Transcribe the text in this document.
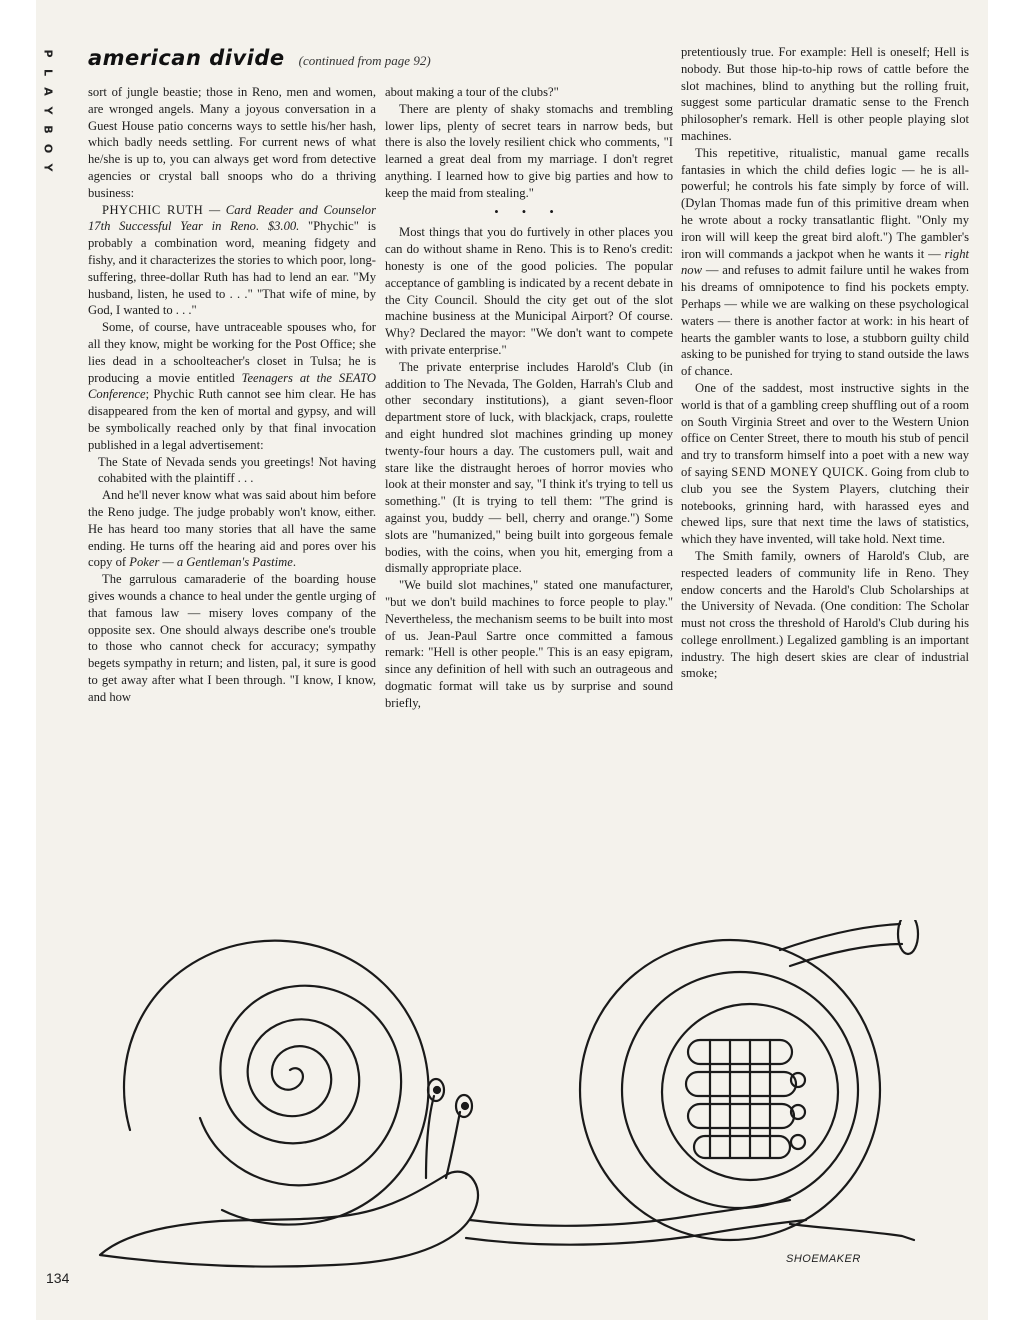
P
L
A
Y
B
O
Y
american divide (continued from page 92)

sort of jungle beastie; those in Reno, men and women, are wronged angels. Many a joyous conversation in a Guest House patio concerns ways to settle his/her hash, which badly needs settling. For current news of what he/she is up to, you can always get word from detective agencies or crystal ball snoops who do a thriving business:

PHYCHIC RUTH — Card Reader and Counselor 17th Successful Year in Reno. $3.00. "Phychic" is probably a combination word, meaning fidgety and fishy, and it characterizes the stories to which poor, long-suffering, three-dollar Ruth has had to lend an ear. "My husband, listen, he used to . . ." "That wife of mine, by God, I wanted to . . ."

Some, of course, have untraceable spouses who, for all they know, might be working for the Post Office; she lies dead in a schoolteacher's closet in Tulsa; he is producing a movie entitled Teenagers at the SEATO Conference; Phychic Ruth cannot see him clear. He has disappeared from the ken of mortal and gypsy, and will be symbolically reached only by that final invocation published in a legal advertisement:

The State of Nevada sends you greetings! Not having cohabited with the plaintiff . . .

And he'll never know what was said about him before the Reno judge. The judge probably won't know, either. He has heard too many stories that all have the same ending. He turns off the hearing aid and pores over his copy of Poker — a Gentleman's Pastime.

The garrulous camaraderie of the boarding house gives wounds a chance to heal under the gentle urging of that famous law — misery loves company of the opposite sex. One should always describe one's trouble to those who cannot check for accuracy; sympathy begets sympathy in return; and listen, pal, it sure is good to get away after what I been through. "I know, I know, and how

about making a tour of the clubs?"

There are plenty of shaky stomachs and trembling lower lips, plenty of secret tears in narrow beds, but there is also the lovely resilient chick who comments, "I learned a great deal from my marriage. I don't regret anything. I learned how to give big parties and how to keep the maid from stealing."

• • •

Most things that you do furtively in other places you can do without shame in Reno. This is to Reno's credit: honesty is one of the good policies. The popular acceptance of gambling is indicated by a recent debate in the City Council. Should the city get out of the slot machine business at the Municipal Airport? Of course. Why? Declared the mayor: "We don't want to compete with private enterprise."

The private enterprise includes Harold's Club (in addition to The Nevada, The Golden, Harrah's Club and other secondary institutions), a giant seven-floor department store of luck, with blackjack, craps, roulette and eight hundred slot machines grinding up money twenty-four hours a day. The customers pull, wait and stare like the distraught heroes of horror movies who look at their monster and say, "I think it's trying to tell us something." (It is trying to tell them: "The grind is against you, buddy — bell, cherry and orange.") Some slots are "humanized," being built into gorgeous female bodies, with the coins, when you hit, emerging from a dismally appropriate place.

"We build slot machines," stated one manufacturer, "but we don't build machines to force people to play." Nevertheless, the mechanism seems to be built into most of us. Jean-Paul Sartre once committed a famous remark: "Hell is other people." This is an easy epigram, since any definition of hell with such an outrageous and dogmatic format will take us by surprise and sound briefly,

pretentiously true. For example: Hell is oneself; Hell is nobody. But those hip-to-hip rows of cattle before the slot machines, blind to anything but the rolling fruit, suggest some particular dramatic sense to the French philosopher's remark. Hell is other people playing slot machines.

This repetitive, ritualistic, manual game recalls fantasies in which the child defies logic — he is all-powerful; he controls his fate simply by force of will. (Dylan Thomas made fun of this primitive dream when he wrote about a rocky transatlantic flight. "Only my iron will will keep the great bird aloft.") The gambler's iron will commands a jackpot when he wants it — right now — and refuses to admit failure until he wakes from his dreams of omnipotence to find his pockets empty. Perhaps — while we are walking on these psychological waters — there is another factor at work: in his heart of hearts the gambler wants to lose, a stubborn guilty child asking to be punished for trying to stand outside the laws of chance.

One of the saddest, most instructive sights in the world is that of a gambling creep shuffling out of a room on South Virginia Street and over to the Western Union office on Center Street, there to mouth his stub of pencil and try to transform himself into a poet with a new way of saying SEND MONEY QUICK. Going from club to club you see the System Players, clutching their notebooks, grinning hard, with harassed eyes and chewed lips, sure that next time the laws of statistics, which they have invented, will take hold. Next time.

The Smith family, owners of Harold's Club, are respected leaders of community life in Reno. They endow concerts and the Harold's Club Scholarships at the University of Nevada. (One condition: The Scholar must not cross the threshold of Harold's Club during his college enrollment.) Legalized gambling is an important industry. The high desert skies are clear of industrial smoke;

134
SHOEMAKER
